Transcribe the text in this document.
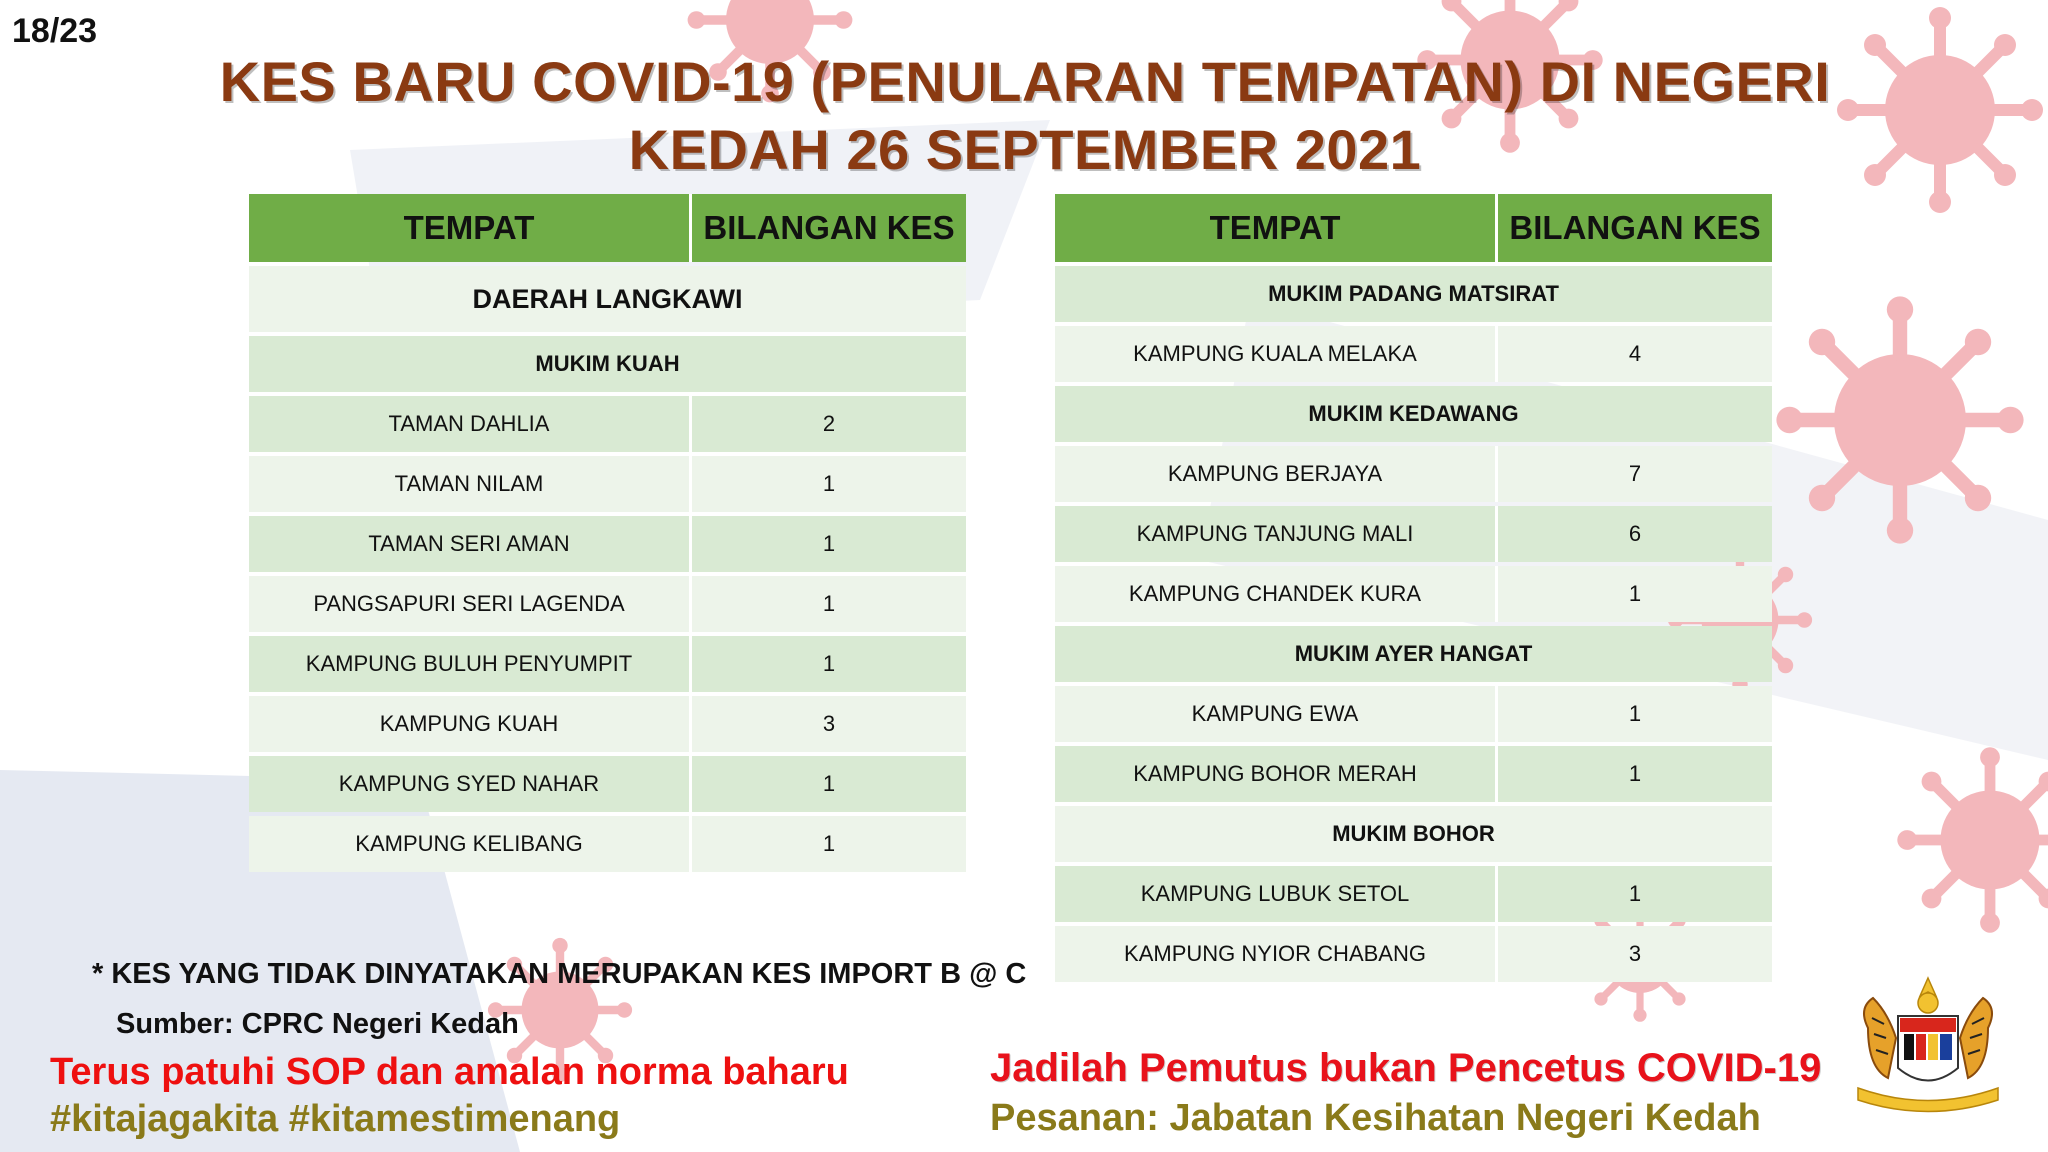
18/23
KES BARU COVID-19 (PENULARAN TEMPATAN) DI NEGERI
KEDAH 26 SEPTEMBER 2021
TEMPAT	BILANGAN KES
DAERAH LANGKAWI	
MUKIM KUAH	
TAMAN DAHLIA	2
TAMAN NILAM	1
TAMAN SERI AMAN	1
PANGSAPURI SERI LAGENDA	1
KAMPUNG BULUH PENYUMPIT	1
KAMPUNG KUAH	3
KAMPUNG SYED NAHAR	1
KAMPUNG KELIBANG	1
TEMPAT	BILANGAN KES
MUKIM PADANG MATSIRAT	
KAMPUNG KUALA MELAKA	4
MUKIM KEDAWANG	
KAMPUNG BERJAYA	7
KAMPUNG TANJUNG MALI	6
KAMPUNG CHANDEK KURA	1
MUKIM AYER HANGAT	
KAMPUNG EWA	1
KAMPUNG BOHOR MERAH	1
MUKIM BOHOR	
KAMPUNG LUBUK SETOL	1
KAMPUNG NYIOR CHABANG	3
* KES YANG TIDAK DINYATAKAN MERUPAKAN KES IMPORT B @ C
Sumber: CPRC Negeri Kedah
Terus patuhi SOP dan amalan norma baharu
#kitajagakita #kitamestimenang
Jadilah Pemutus bukan Pencetus COVID-19
Pesanan: Jabatan Kesihatan Negeri Kedah
